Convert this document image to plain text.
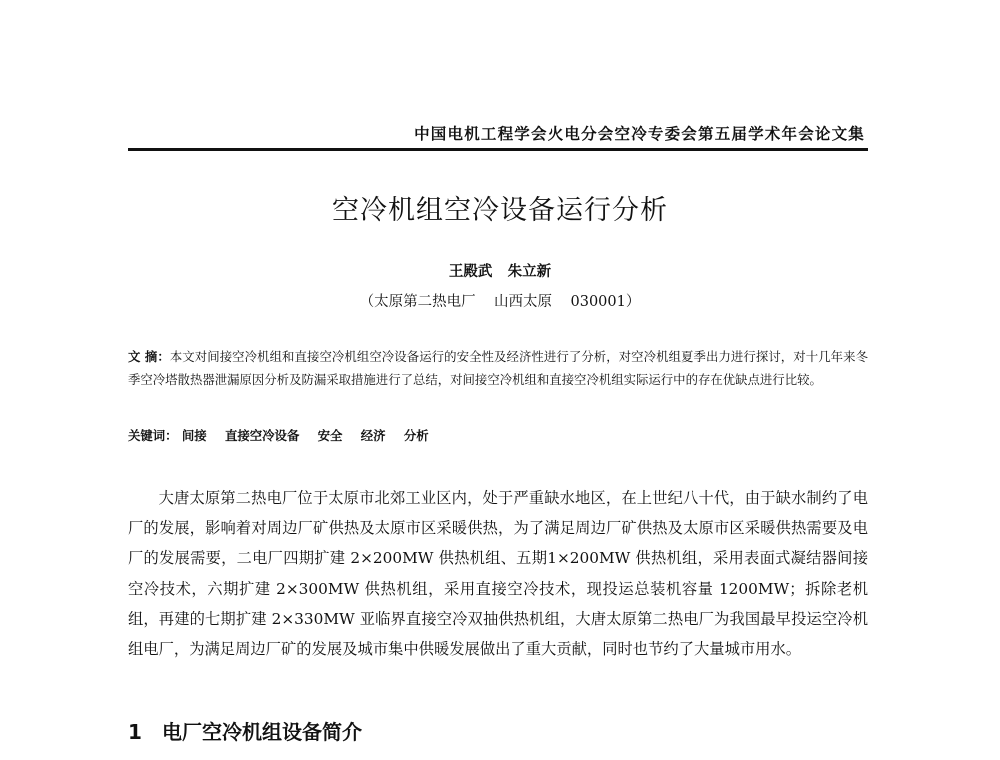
中国电机工程学会火电分会空冷专委会第五届学术年会论文集
空冷机组空冷设备运行分析
王殿武   朱立新
（太原第二热电厂    山西太原    030001）
文 摘：本文对间接空冷机组和直接空冷机组空冷设备运行的安全性及经济性进行了分析，对空冷机组夏季出力进行探讨，对十几年来冬季空冷塔散热器泄漏原因分析及防漏采取措施进行了总结，对间接空冷机组和直接空冷机组实际运行中的存在优缺点进行比较。
关键词： 间接 直接空冷设备 安全 经济 分析
大唐太原第二热电厂位于太原市北郊工业区内，处于严重缺水地区，在上世纪八十代，由于缺水制约了电厂的发展，影响着对周边厂矿供热及太原市区采暖供热，为了满足周边厂矿供热及太原市区采暖供热需要及电厂的发展需要，二电厂四期扩建 2×200MW 供热机组、五期1×200MW 供热机组，采用表面式凝结器间接空冷技术，六期扩建 2×300MW 供热机组，采用直接空冷技术，现投运总装机容量 1200MW；拆除老机组，再建的七期扩建 2×330MW 亚临界直接空冷双抽供热机组，大唐太原第二热电厂为我国最早投运空冷机组电厂，为满足周边厂矿的发展及城市集中供暖发展做出了重大贡献，同时也节约了大量城市用水。
1 电厂空冷机组设备简介
